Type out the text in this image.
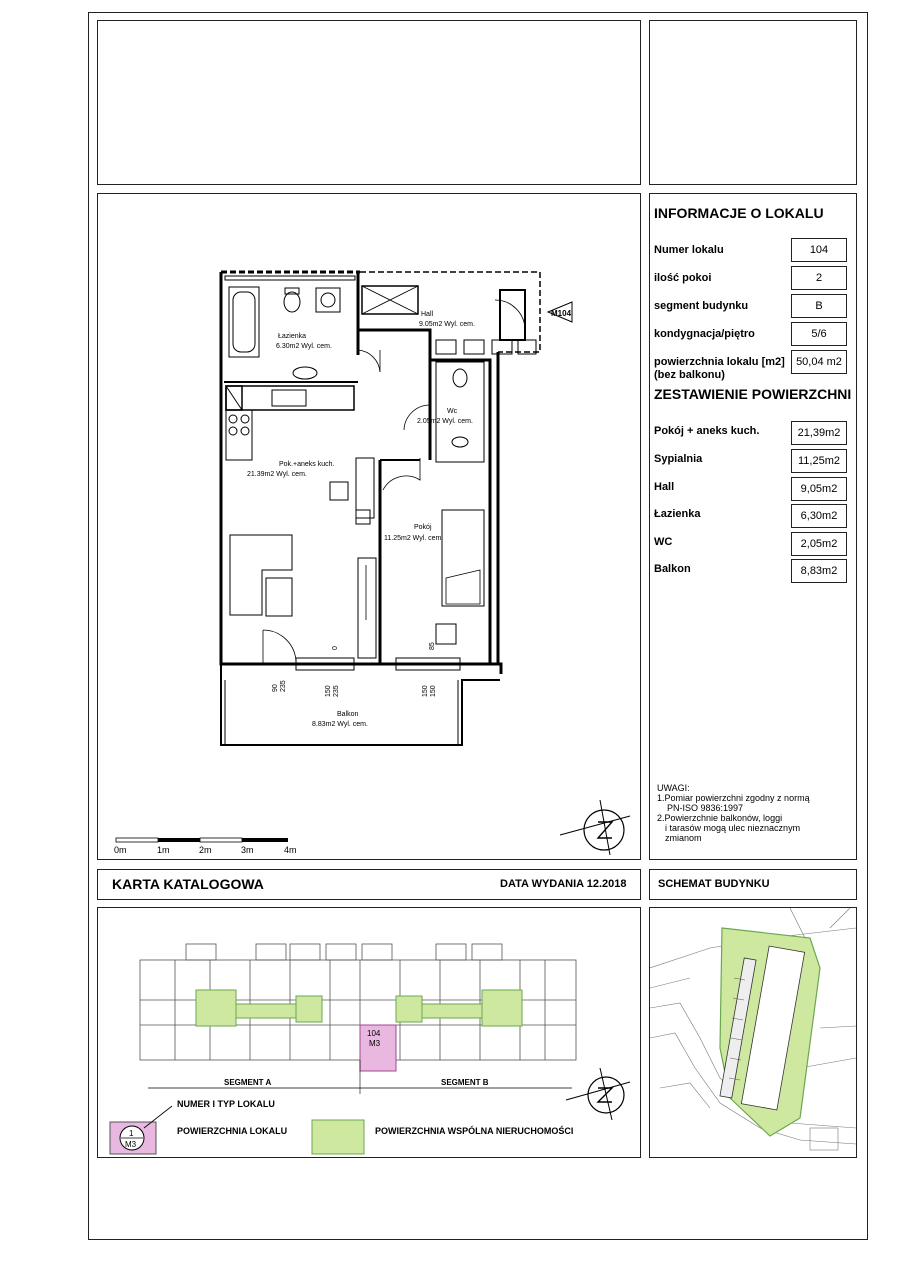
INFORMACJE O LOKALU
Numer lokalu	104
ilość pokoi	2
segment budynku	B
kondygnacja/piętro	5/6
powierzchnia lokalu [m2]
(bez balkonu)
50,04 m2
ZESTAWIENIE POWIERZCHNI
Pokój + aneks kuch.	21,39m2
Sypialnia	11,25m2
Hall	9,05m2
Łazienka	6,30m2
WC	2,05m2
Balkon	8,83m2
UWAGI:
1.Pomiar powierzchni zgodny z normą
PN-ISO 9836:1997
2.Powierzchnie balkonów, loggi
i tarasów mogą ulec nieznacznym
zmianom
KARTA KATALOGOWA	DATA WYDANIA 12.2018	SCHEMAT BUDYNKU
Łazienka
6.30m2 Wyl. cem.
Hall
9.05m2 Wyl. cem.
Wc
2.05m2 Wyl. cem.
Pok.+aneks kuch.
21.39m2 Wyl. cem.
Pokój
11.25m2 Wyl. cem.
Balkon
8.83m2 Wyl. cem.
M104
90 235	150 235
0
150 150
85
0m	1m	2m	3m	4m
104
M3
SEGMENT A	SEGMENT B
1
M3
NUMER I TYP LOKALU
POWIERZCHNIA LOKALU	POWIERZCHNIA WSPÓLNA NIERUCHOMOŚCI
